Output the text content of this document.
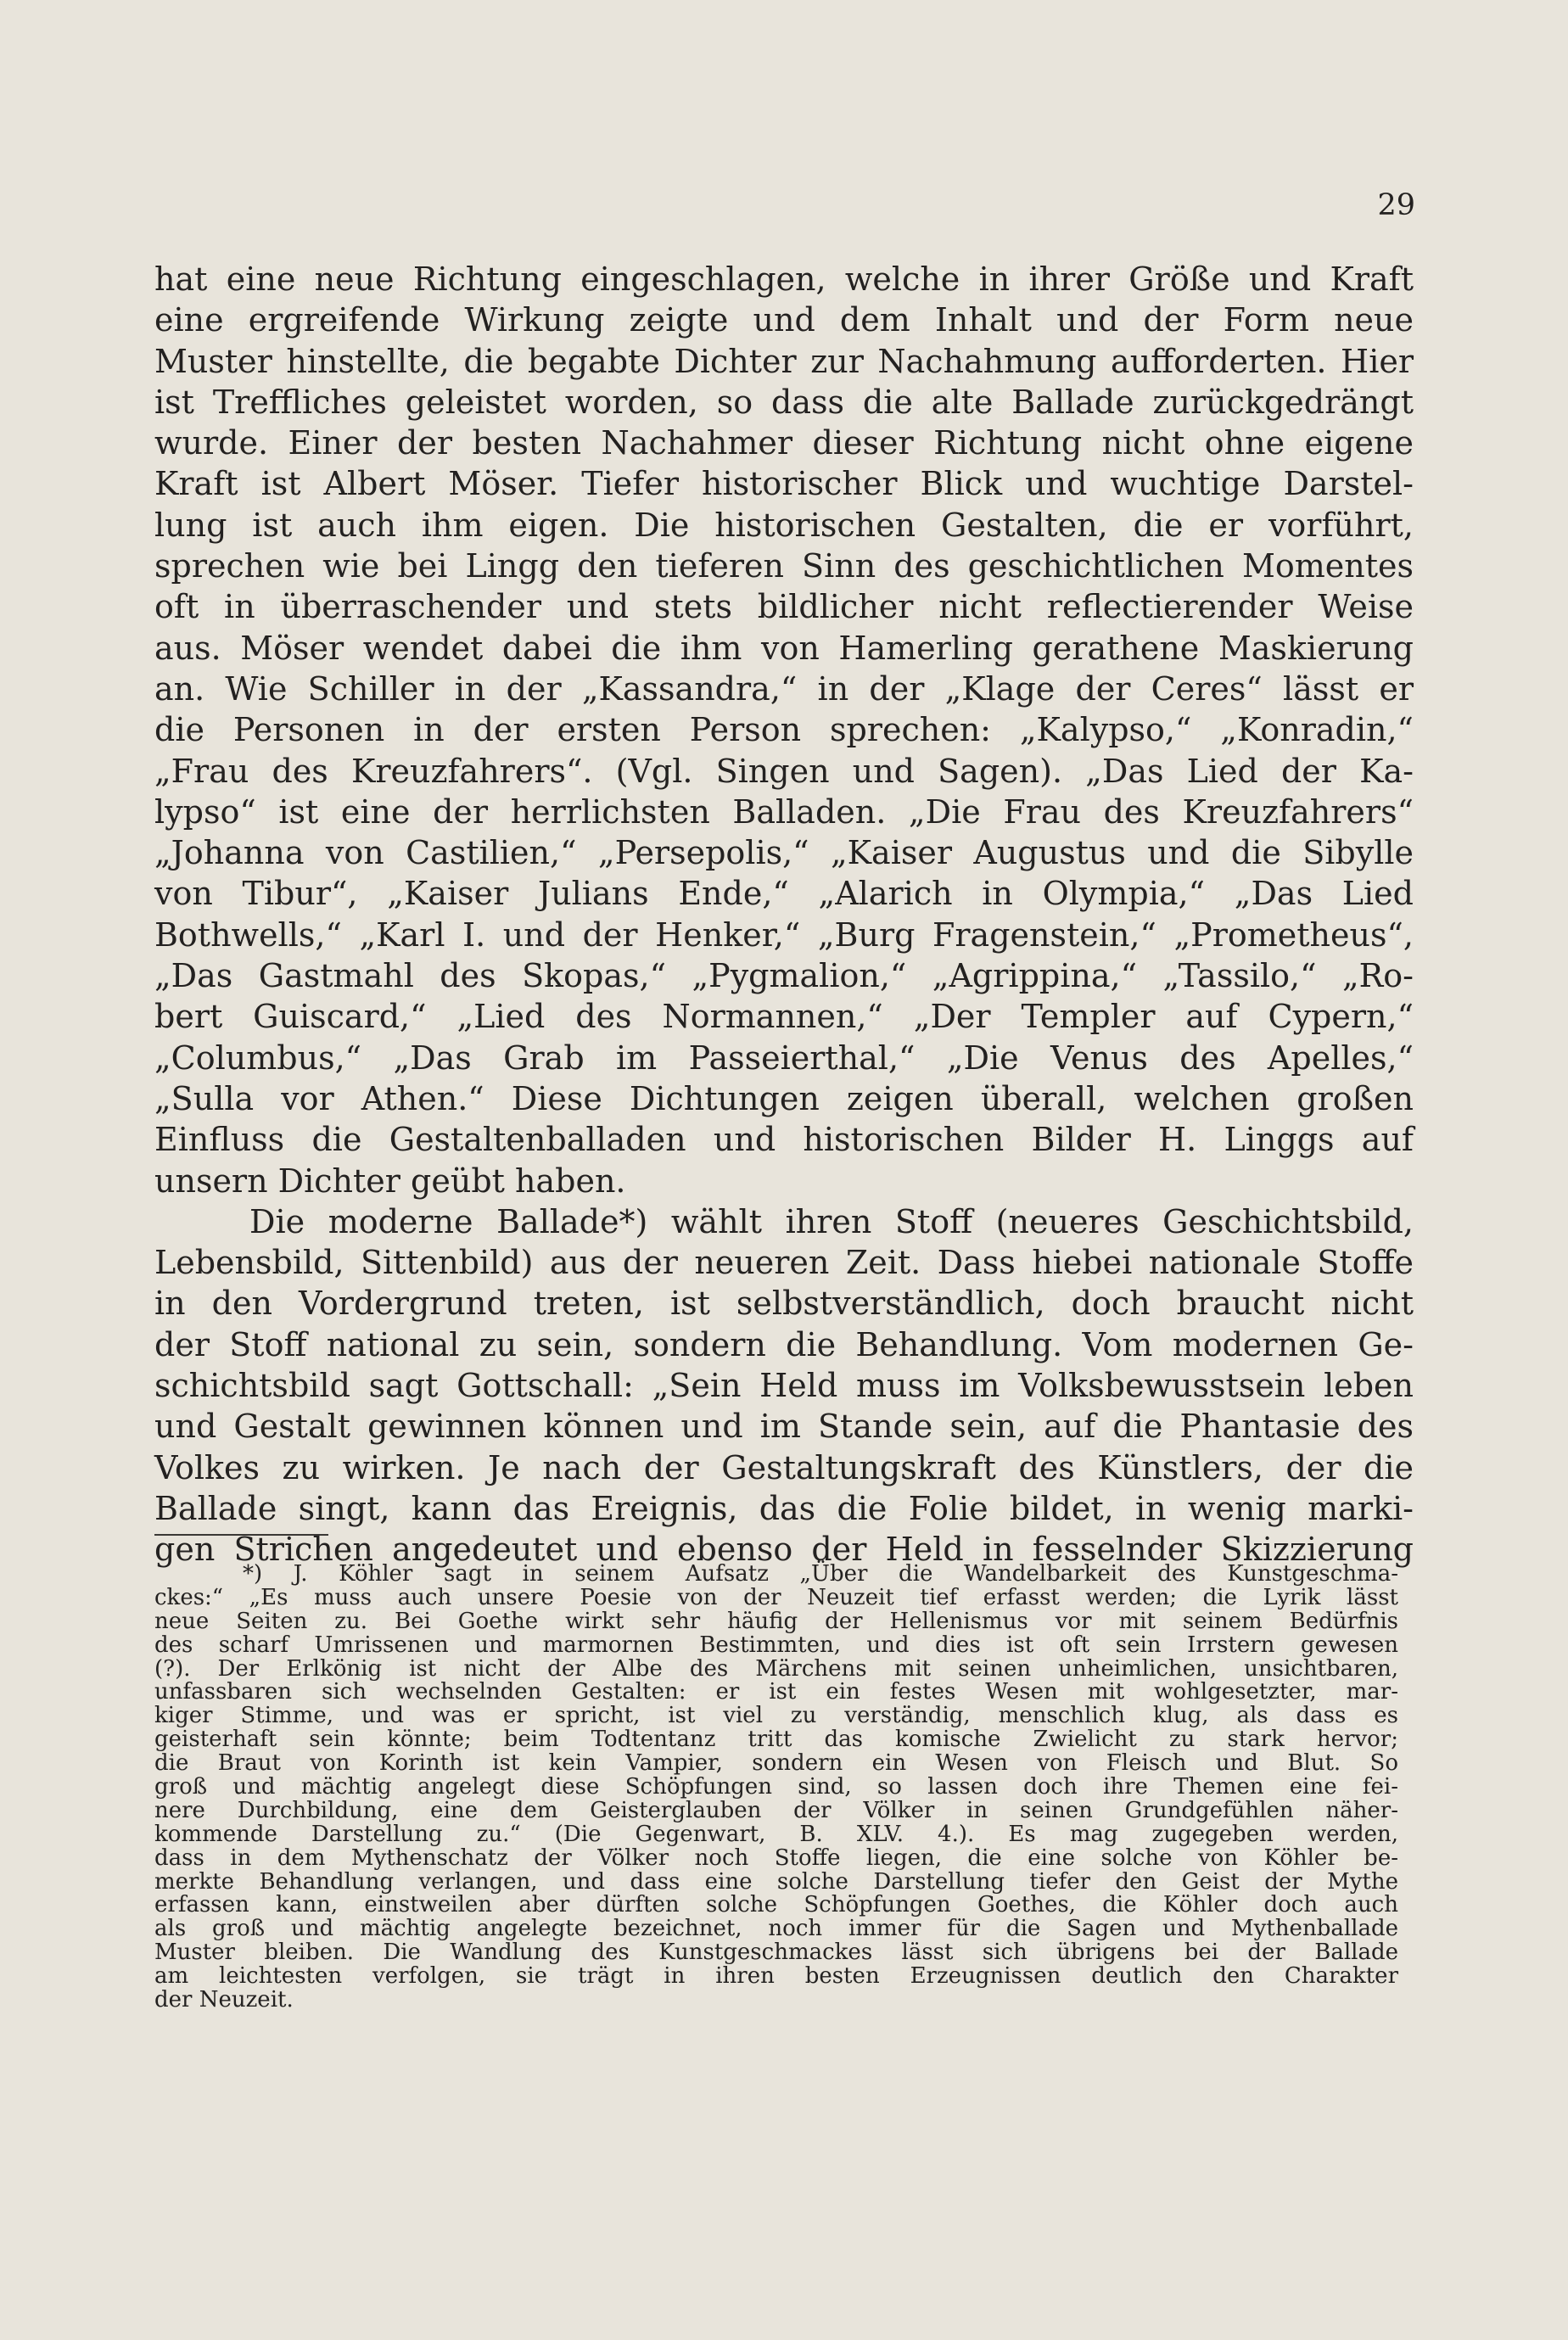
29
hat eine neue Richtung eingeschlagen, welche in ihrer Größe und Kraft
eine ergreifende Wirkung zeigte und dem Inhalt und der Form neue
Muster hinstellte, die begabte Dichter zur Nachahmung aufforderten. Hier
ist Treffliches geleistet worden, so dass die alte Ballade zurückgedrängt
wurde. Einer der besten Nachahmer dieser Richtung nicht ohne eigene
Kraft ist Albert Möser. Tiefer historischer Blick und wuchtige Darstel-
lung ist auch ihm eigen. Die historischen Gestalten, die er vorführt,
sprechen wie bei Lingg den tieferen Sinn des geschichtlichen Momentes
oft in überraschender und stets bildlicher nicht reflectierender Weise
aus. Möser wendet dabei die ihm von Hamerling gerathene Maskierung
an. Wie Schiller in der „Kassandra,“ in der „Klage der Ceres“ lässt er
die Personen in der ersten Person sprechen: „Kalypso,“ „Konradin,“
„Frau des Kreuzfahrers“. (Vgl. Singen und Sagen). „Das Lied der Ka-
lypso“ ist eine der herrlichsten Balladen. „Die Frau des Kreuzfahrers“
„Johanna von Castilien,“ „Persepolis,“ „Kaiser Augustus und die Sibylle
von Tibur“, „Kaiser Julians Ende,“ „Alarich in Olympia,“ „Das Lied
Bothwells,“ „Karl I. und der Henker,“ „Burg Fragenstein,“ „Prometheus“,
„Das Gastmahl des Skopas,“ „Pygmalion,“ „Agrippina,“ „Tassilo,“ „Ro-
bert Guiscard,“ „Lied des Normannen,“ „Der Templer auf Cypern,“
„Columbus,“ „Das Grab im Passeierthal,“ „Die Venus des Apelles,“
„Sulla vor Athen.“ Diese Dichtungen zeigen überall, welchen großen
Einfluss die Gestaltenballaden und historischen Bilder H. Linggs auf
unsern Dichter geübt haben.
Die moderne Ballade*) wählt ihren Stoff (neueres Geschichtsbild,
Lebensbild, Sittenbild) aus der neueren Zeit. Dass hiebei nationale Stoffe
in den Vordergrund treten, ist selbstverständlich, doch braucht nicht
der Stoff national zu sein, sondern die Behandlung. Vom modernen Ge-
schichtsbild sagt Gottschall: „Sein Held muss im Volksbewusstsein leben
und Gestalt gewinnen können und im Stande sein, auf die Phantasie des
Volkes zu wirken. Je nach der Gestaltungskraft des Künstlers, der die
Ballade singt, kann das Ereignis, das die Folie bildet, in wenig marki-
gen Strichen angedeutet und ebenso der Held in fesselnder Skizzierung
*) J. Köhler sagt in seinem Aufsatz „Über die Wandelbarkeit des Kunstgeschma-
ckes:“ „Es muss auch unsere Poesie von der Neuzeit tief erfasst werden; die Lyrik lässt
neue Seiten zu. Bei Goethe wirkt sehr häufig der Hellenismus vor mit seinem Bedürfnis
des scharf Umrissenen und marmornen Bestimmten, und dies ist oft sein Irrstern gewesen
(?). Der Erlkönig ist nicht der Albe des Märchens mit seinen unheimlichen, unsichtbaren,
unfassbaren sich wechselnden Gestalten: er ist ein festes Wesen mit wohlgesetzter, mar-
kiger Stimme, und was er spricht, ist viel zu verständig, menschlich klug, als dass es
geisterhaft sein könnte; beim Todtentanz tritt das komische Zwielicht zu stark hervor;
die Braut von Korinth ist kein Vampier, sondern ein Wesen von Fleisch und Blut. So
groß und mächtig angelegt diese Schöpfungen sind, so lassen doch ihre Themen eine fei-
nere Durchbildung, eine dem Geisterglauben der Völker in seinen Grundgefühlen näher-
kommende Darstellung zu.“ (Die Gegenwart, B. XLV. 4.). Es mag zugegeben werden,
dass in dem Mythenschatz der Völker noch Stoffe liegen, die eine solche von Köhler be-
merkte Behandlung verlangen, und dass eine solche Darstellung tiefer den Geist der Mythe
erfassen kann, einstweilen aber dürften solche Schöpfungen Goethes, die Köhler doch auch
als groß und mächtig angelegte bezeichnet, noch immer für die Sagen und Mythenballade
Muster bleiben. Die Wandlung des Kunstgeschmackes lässt sich übrigens bei der Ballade
am leichtesten verfolgen, sie trägt in ihren besten Erzeugnissen deutlich den Charakter
der Neuzeit.
